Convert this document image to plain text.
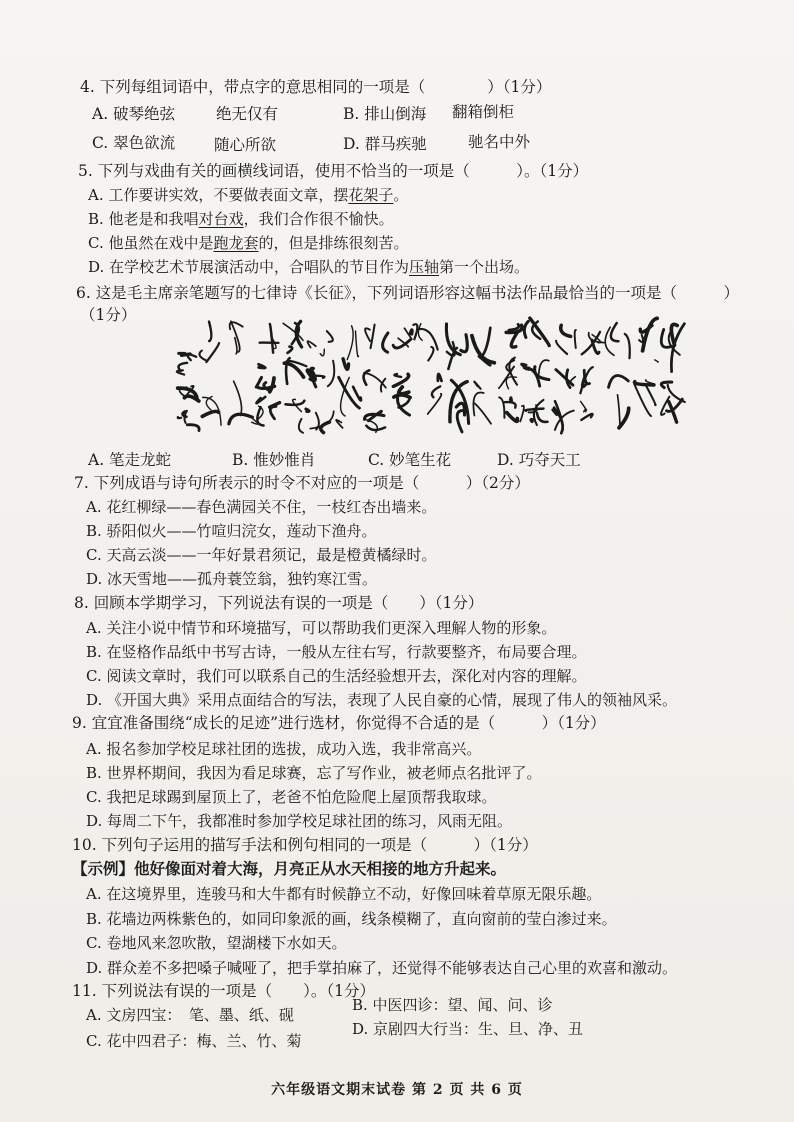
4. 下列每组词语中，带点字的意思相同的一项是（　　　　）（1分）
A. 破琴绝弦	绝无仅有	B. 排山倒海 翻箱倒柜
C. 翠色欲流	随心所欲	D. 群马疾驰	驰名中外
5. 下列与戏曲有关的画横线词语，使用不恰当的一项是（　　　）。（1分）
A. 工作要讲实效，不要做表面文章，摆花架子。
B. 他老是和我唱对台戏，我们合作很不愉快。
C. 他虽然在戏中是跑龙套的，但是排练很刻苦。
D. 在学校艺术节展演活动中，合唱队的节目作为压轴第一个出场。
6. 这是毛主席亲笔题写的七律诗《长征》，下列词语形容这幅书法作品最恰当的一项是（　　　）
（1分）
A. 笔走龙蛇	B. 惟妙惟肖	C. 妙笔生花	D. 巧夺天工
7. 下列成语与诗句所表示的时令不对应的一项是（　　　）（2分）
A. 花红柳绿——春色满园关不住，一枝红杏出墙来。
B. 骄阳似火——竹喧归浣女，莲动下渔舟。
C. 天高云淡——一年好景君须记，最是橙黄橘绿时。
D. 冰天雪地——孤舟蓑笠翁，独钓寒江雪。
8. 回顾本学期学习，下列说法有误的一项是（　　）（1分）
A. 关注小说中情节和环境描写，可以帮助我们更深入理解人物的形象。
B. 在竖格作品纸中书写古诗，一般从左往右写，行款要整齐，布局要合理。
C. 阅读文章时，我们可以联系自己的生活经验想开去，深化对内容的理解。
D. 《开国大典》采用点面结合的写法，表现了人民自豪的心情，展现了伟人的领袖风采。
9. 宜宜准备围绕“成长的足迹”进行选材，你觉得不合适的是（　　　）（1分）
A. 报名参加学校足球社团的选拔，成功入选，我非常高兴。
B. 世界杯期间，我因为看足球赛，忘了写作业，被老师点名批评了。
C. 我把足球踢到屋顶上了，老爸不怕危险爬上屋顶帮我取球。
D. 每周二下午，我都准时参加学校足球社团的练习，风雨无阻。
10. 下列句子运用的描写手法和例句相同的一项是（　　　）（1分）
【示例】他好像面对着大海，月亮正从水天相接的地方升起来。
A. 在这境界里，连骏马和大牛都有时候静立不动，好像回味着草原无限乐趣。
B. 花墙边两株紫色的，如同印象派的画，线条模糊了，直向窗前的莹白渗过来。
C. 卷地风来忽吹散，望湖楼下水如天。
D. 群众差不多把嗓子喊哑了，把手掌拍麻了，还觉得不能够表达自己心里的欢喜和激动。
11. 下列说法有误的一项是（　　）。（1分）
A. 文房四宝：　笔、墨、纸、砚
B. 中医四诊：望、闻、问、诊
C. 花中四君子：梅、兰、竹、菊
D. 京剧四大行当：生、旦、净、丑
六年级语文期末试卷 第 2 页 共 6 页
